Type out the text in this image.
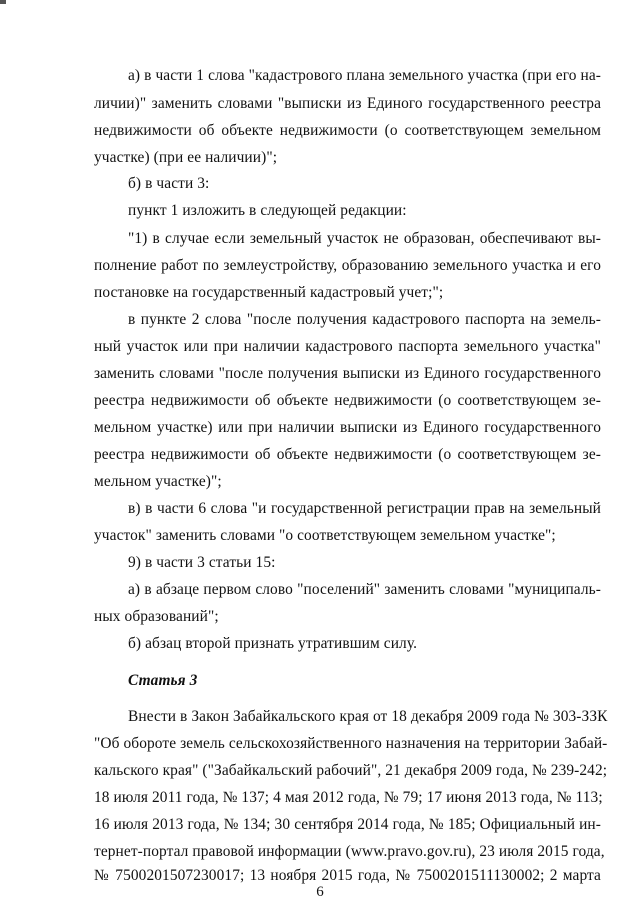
а) в части 1 слова "кадастрового плана земельного участка (при его на-
личии)" заменить словами "выписки из Единого государственного реестра
недвижимости об объекте недвижимости (о соответствующем земельном
участке) (при ее наличии)";
б) в части 3:
пункт 1 изложить в следующей редакции:
"1) в случае если земельный участок не образован, обеспечивают вы-
полнение работ по землеустройству, образованию земельного участка и его
постановке на государственный кадастровый учет;";
в пункте 2 слова "после получения кадастрового паспорта на земель-
ный участок или при наличии кадастрового паспорта земельного участка"
заменить словами "после получения выписки из Единого государственного
реестра недвижимости об объекте недвижимости (о соответствующем зе-
мельном участке) или при наличии выписки из Единого государственного
реестра недвижимости об объекте недвижимости (о соответствующем зе-
мельном участке)";
в) в части 6 слова "и государственной регистрации прав на земельный
участок" заменить словами "о соответствующем земельном участке";
9) в части 3 статьи 15:
а) в абзаце первом слово "поселений" заменить словами "муниципаль-
ных образований";
б) абзац второй признать утратившим силу.
Статья 3
Внести в Закон Забайкальского края от 18 декабря 2009 года № 303-ЗЗК
"Об обороте земель сельскохозяйственного назначения на территории Забай-
кальского края" ("Забайкальский рабочий", 21 декабря 2009 года, № 239-242;
18 июля 2011 года, № 137; 4 мая 2012 года, № 79; 17 июня 2013 года, № 113;
16 июля 2013 года, № 134; 30 сентября 2014 года, № 185; Официальный ин-
тернет-портал правовой информации (www.pravo.gov.ru), 23 июля 2015 года,
№ 7500201507230017; 13 ноября 2015 года, № 7500201511130002; 2 марта
6
